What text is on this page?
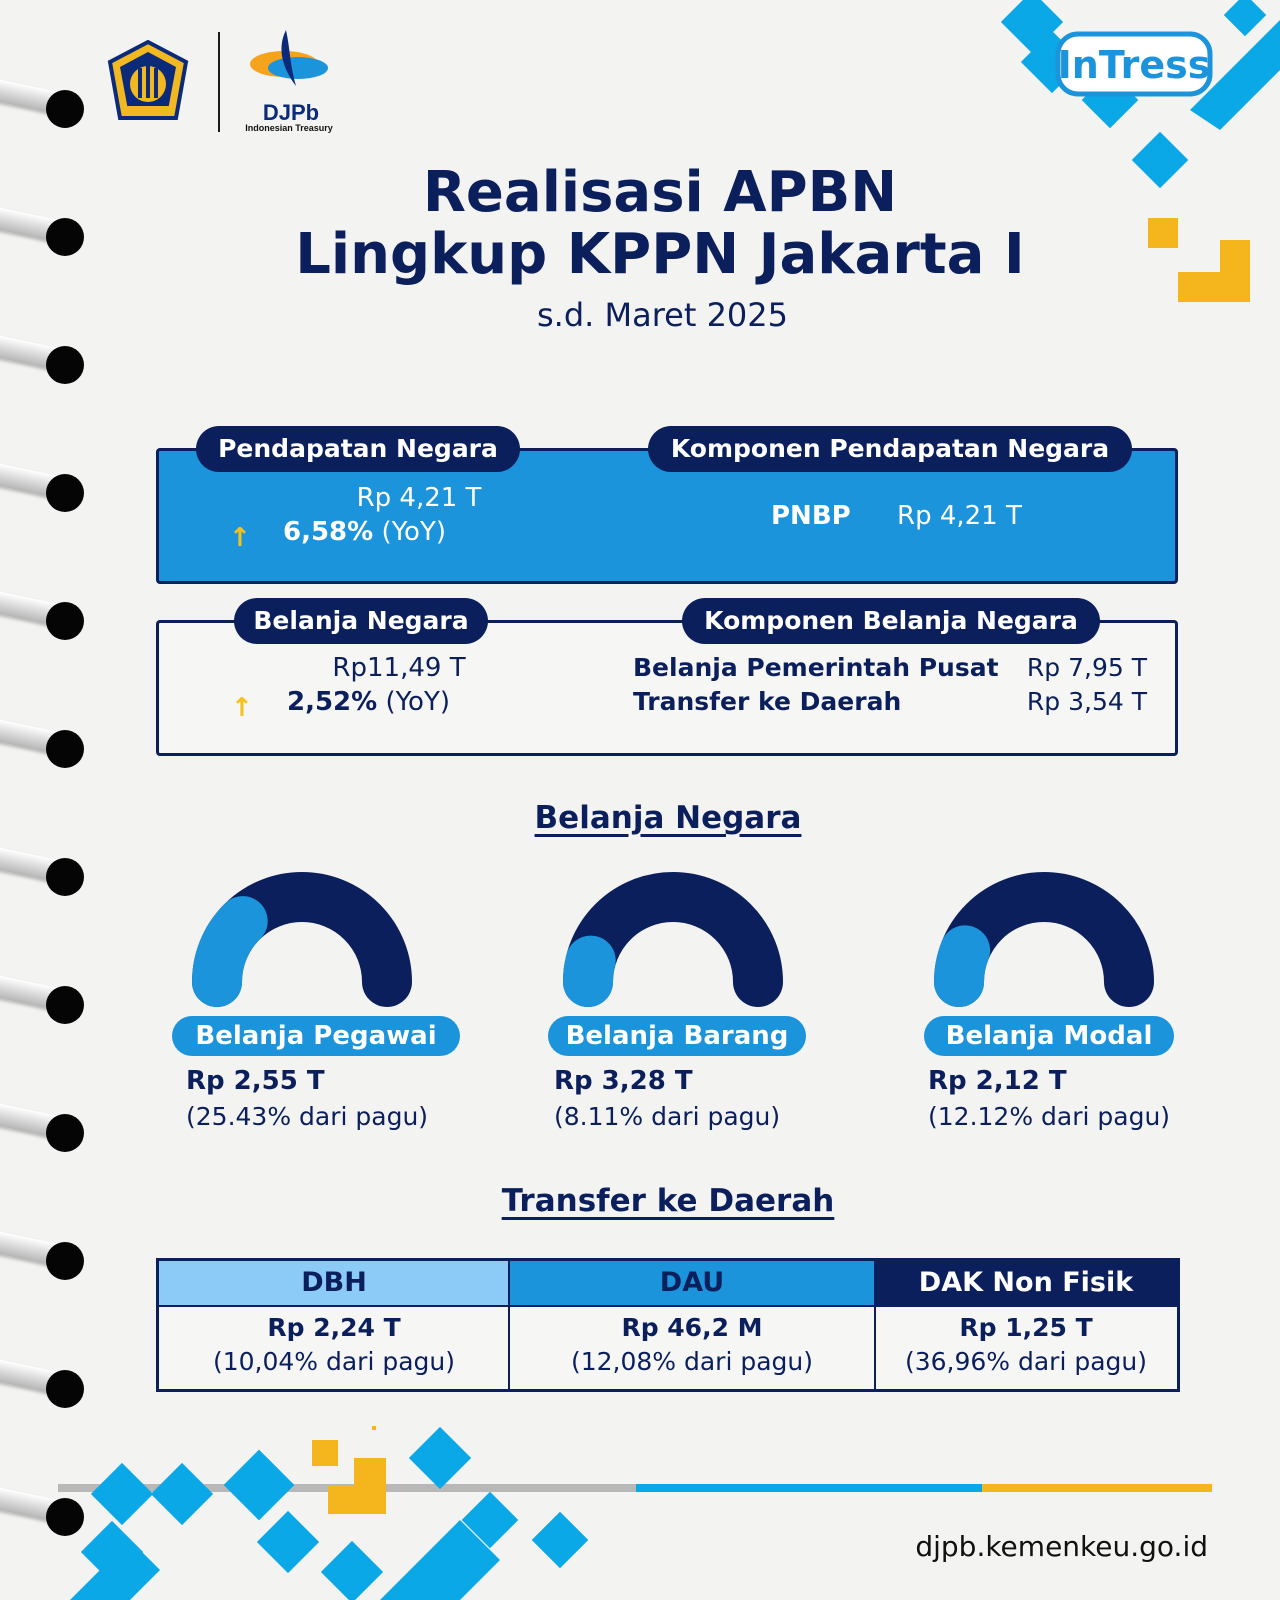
DJPb
Indonesian Treasury
InTress
Realisasi APBN
Lingkup KPPN Jakarta I
s.d. Maret 2025
Rp 4,21 T
↑ 6,58% (YoY)
PNBP Rp 4,21 T
Pendapatan Negara	Komponen Pendapatan Negara
Rp11,49 T
↑ 2,52% (YoY)
Belanja Pemerintah Pusat	Rp 7,95 T
Transfer ke Daerah	Rp 3,54 T
Belanja Negara	Komponen Belanja Negara
Belanja Negara
Belanja Pegawai
Rp 2,55 T
(25.43% dari pagu)
Belanja Barang
Rp 3,28 T
(8.11% dari pagu)
Belanja Modal
Rp 2,12 T
(12.12% dari pagu)
Transfer ke Daerah
DBH	DAU	DAK Non Fisik
Rp 2,24 T
(10,04% dari pagu)
Rp 46,2 M
(12,08% dari pagu)
Rp 1,25 T
(36,96% dari pagu)
djpb.kemenkeu.go.id
